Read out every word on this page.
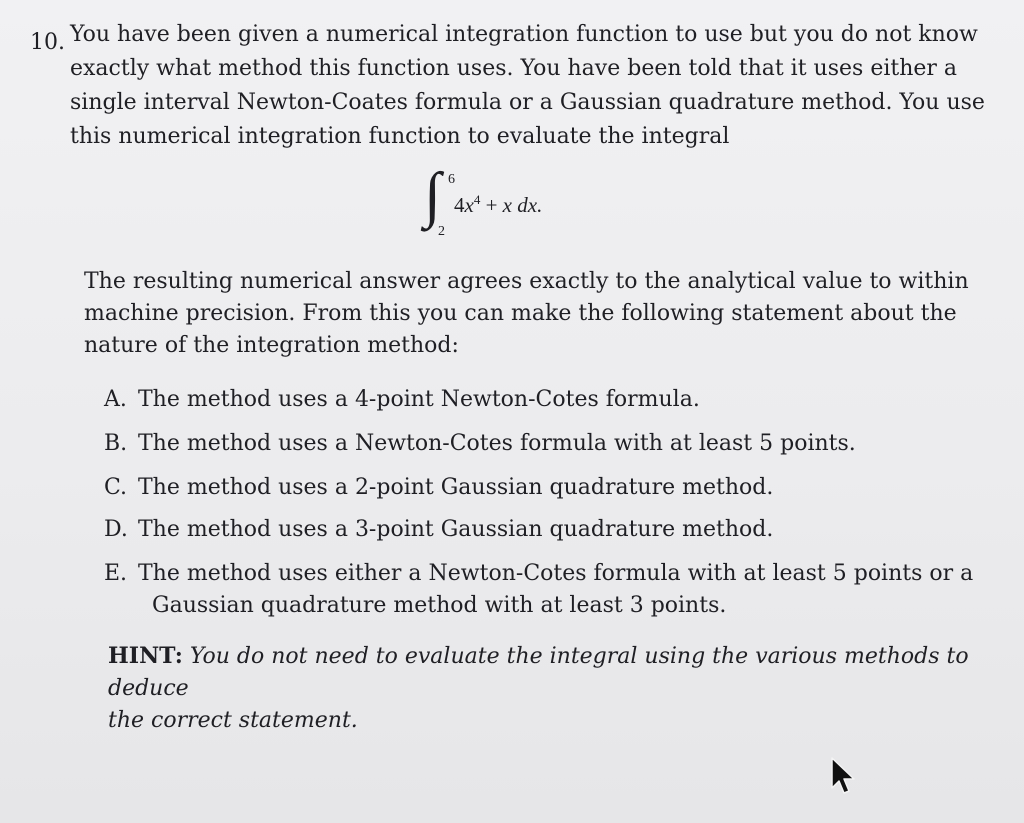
10. You have been given a numerical integration function to use but you do not know
exactly what method this function uses. You have been told that it uses either a
single interval Newton-Coates formula or a Gaussian quadrature method. You use
this numerical integration function to evaluate the integral
∫ 6
2
$4x^4 + x$ dx.
The resulting numerical answer agrees exactly to the analytical value to within
machine precision. From this you can make the following statement about the
nature of the integration method:
A. The method uses a 4-point Newton-Cotes formula.
B. The method uses a Newton-Cotes formula with at least 5 points.
C. The method uses a 2-point Gaussian quadrature method.
D. The method uses a 3-point Gaussian quadrature method.
E. The method uses either a Newton-Cotes formula with at least 5 points or a
Gaussian quadrature method with at least 3 points.
HINT: You do not need to evaluate the integral using the various methods to deduce
the correct statement.
